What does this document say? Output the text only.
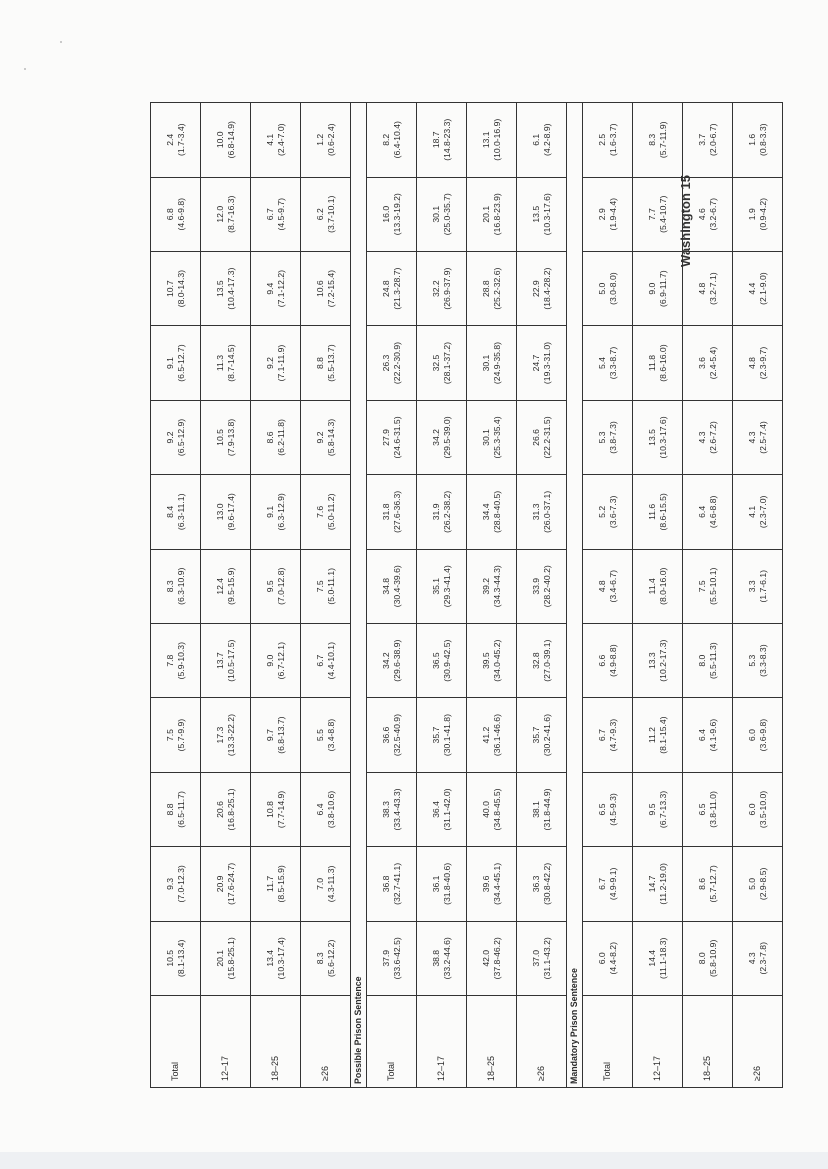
Total	10.5 (8.1-13.4)	9.3 (7.0-12.3)	8.8 (6.5-11.7)	7.5 (5.7-9.9)	7.8 (5.9-10.3)	8.3 (6.3-10.9)	8.4 (6.3-11.1)	9.2 (6.5-12.9)	9.1 (6.5-12.7)	10.7 (8.0-14.3)	6.8 (4.6-9.8)	2.4 (1.7-3.4)

12–17	20.1 (15.8-25.1)	20.9 (17.6-24.7)	20.6 (16.8-25.1)	17.3 (13.3-22.2)	13.7 (10.5-17.5)	12.4 (9.5-15.9)	13.0 (9.6-17.4)	10.5 (7.9-13.8)	11.3 (8.7-14.5)	13.5 (10.4-17.3)	12.0 (8.7-16.3)	10.0 (6.8-14.9)

18–25	13.4 (10.3-17.4)	11.7 (8.5-15.9)	10.8 (7.7-14.9)	9.7 (6.8-13.7)	9.0 (6.7-12.1)	9.5 (7.0-12.8)	9.1 (6.3-12.9)	8.6 (6.2-11.8)	9.2 (7.1-11.9)	9.4 (7.1-12.2)	6.7 (4.5-9.7)	4.1 (2.4-7.0)

≥26	8.3 (5.6-12.2)	7.0 (4.3-11.3)	6.4 (3.8-10.6)	5.5 (3.4-8.8)	6.7 (4.4-10.1)	7.5 (5.0-11.1)	7.6 (5.0-11.2)	9.2 (5.8-14.3)	8.8 (5.5-13.7)	10.6 (7.2-15.4)	6.2 (3.7-10.1)	1.2 (0.6-2.4)

Possible Prison Sentence												
Total	37.9 (33.6-42.5)	36.8 (32.7-41.1)	38.3 (33.4-43.3)	36.6 (32.5-40.9)	34.2 (29.6-38.9)	34.8 (30.4-39.6)	31.8 (27.6-36.3)	27.9 (24.6-31.5)	26.3 (22.2-30.9)	24.8 (21.3-28.7)	16.0 (13.3-19.2)	8.2 (6.4-10.4)

12–17	38.8 (33.2-44.6)	36.1 (31.8-40.6)	36.4 (31.1-42.0)	35.7 (30.1-41.8)	36.5 (30.9-42.5)	35.1 (29.3-41.4)	31.9 (26.2-38.2)	34.2 (29.5-39.0)	32.5 (28.1-37.2)	32.2 (26.9-37.9)	30.1 (25.0-35.7)	18.7 (14.8-23.3)

18–25	42.0 (37.8-46.2)	39.6 (34.4-45.1)	40.0 (34.8-45.5)	41.2 (36.1-46.6)	39.5 (34.0-45.2)	39.2 (34.3-44.3)	34.4 (28.8-40.5)	30.1 (25.3-35.4)	30.1 (24.9-35.8)	28.8 (25.2-32.6)	20.1 (16.8-23.9)	13.1 (10.0-16.9)

≥26	37.0 (31.1-43.2)	36.3 (30.8-42.2)	38.1 (31.8-44.9)	35.7 (30.2-41.6)	32.8 (27.0-39.1)	33.9 (28.2-40.2)	31.3 (26.0-37.1)	26.6 (22.2-31.5)	24.7 (19.3-31.0)	22.9 (18.4-28.2)	13.5 (10.3-17.6)	6.1 (4.2-8.9)

Mandatory Prison Sentence												
Total	6.0 (4.4-8.2)	6.7 (4.9-9.1)	6.5 (4.5-9.3)	6.7 (4.7-9.3)	6.6 (4.9-8.8)	4.8 (3.4-6.7)	5.2 (3.6-7.3)	5.3 (3.8-7.3)	5.4 (3.3-8.7)	5.0 (3.0-8.0)	2.9 (1.9-4.4)	2.5 (1.6-3.7)

12–17	14.4 (11.1-18.3)	14.7 (11.2-19.0)	9.5 (6.7-13.3)	11.2 (8.1-15.4)	13.3 (10.2-17.3)	11.4 (8.0-16.0)	11.6 (8.6-15.5)	13.5 (10.3-17.6)	11.8 (8.6-16.0)	9.0 (6.9-11.7)	7.7 (5.4-10.7)	8.3 (5.7-11.9)

18–25	8.0 (5.8-10.9)	8.6 (5.7-12.7)	6.5 (3.8-11.0)	6.4 (4.1-9.6)	8.0 (5.5-11.3)	7.5 (5.5-10.1)	6.4 (4.6-8.8)	4.3 (2.6-7.2)	3.6 (2.4-5.4)	4.8 (3.2-7.1)	4.6 (3.2-6.7)	3.7 (2.0-6.7)

≥26	4.3 (2.3-7.8)	5.0 (2.9-8.5)	6.0 (3.5-10.0)	6.0 (3.6-9.8)	5.3 (3.3-8.3)	3.3 (1.7-6.1)	4.1 (2.3-7.0)	4.3 (2.5-7.4)	4.8 (2.3-9.7)	4.4 (2.1-9.0)	1.9 (0.9-4.2)	1.6 (0.8-3.3)
Washington 15
